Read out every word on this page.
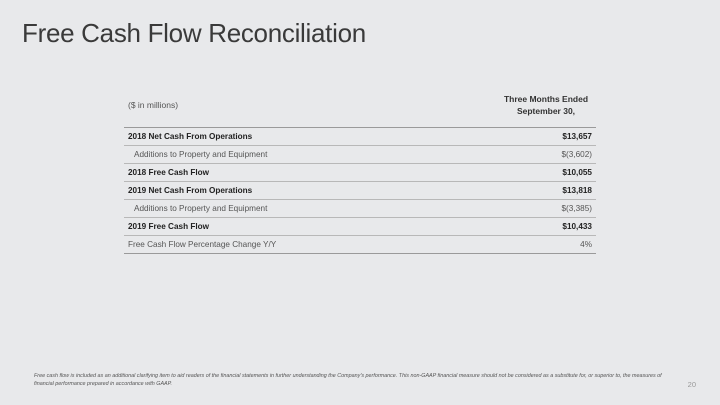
Free Cash Flow Reconciliation
($ in millions)
Three Months Ended
September 30,
2018 Net Cash From Operations	$13,657
Additions to Property and Equipment	$(3,602)
2018 Free Cash Flow	$10,055
2019 Net Cash From Operations	$13,818
Additions to Property and Equipment	$(3,385)
2019 Free Cash Flow	$10,433
Free Cash Flow Percentage Change Y/Y	4%
Free cash flow is included as an additional clarifying item to aid readers of the financial statements in further understanding the Company's performance. This non-GAAP financial measure should not be considered as a substitute for, or superior to, the measures of financial performance prepared in accordance with GAAP.	20
